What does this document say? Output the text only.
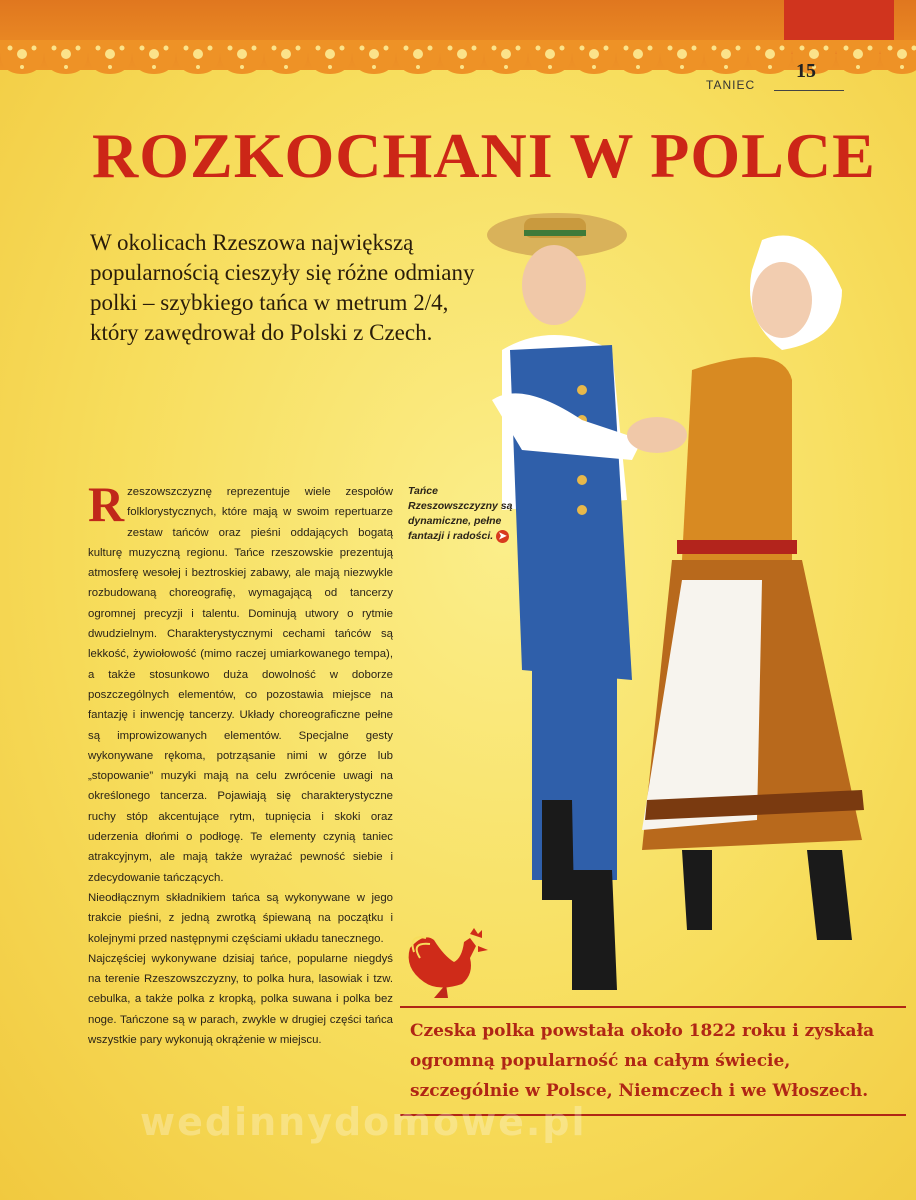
TANIEC
15
ROZKOCHANI W POLCE

W okolicach Rzeszowa największą popularnością cieszyły się różne odmiany polki – szybkiego tańca w metrum 2/4, który zawędrował do Polski z Czech.

Tańce Rzeszowszczyzny są dynamiczne, pełne fantazji i radości. ➤

Rzeszowszczyznę reprezentuje wiele zespołów folklorystycznych, które mają w swoim repertuarze zestaw tańców oraz pieśni oddających bogatą kulturę muzyczną regionu. Tańce rzeszowskie prezentują atmosferę wesołej i beztroskiej zabawy, ale mają niezwykle rozbudowaną choreografię, wymagającą od tancerzy ogromnej precyzji i talentu. Dominują utwory o rytmie dwudzielnym. Charakterystycznymi cechami tańców są lekkość, żywiołowość (mimo raczej umiarkowanego tempa), a także stosunkowo duża dowolność w doborze poszczególnych elementów, co pozostawia miejsce na fantazję i inwencję tancerzy. Układy choreograficzne pełne są improwizowanych elementów. Specjalne gesty wykonywane rękoma, potrząsanie nimi w górze lub „stopowanie” muzyki mają na celu zwrócenie uwagi na określonego tancerza. Pojawiają się charakterystyczne ruchy stóp akcentujące rytm, tupnięcia i skoki oraz uderzenia dłońmi o podłogę. Te elementy czynią taniec atrakcyjnym, ale mają także wyrażać pewność siebie i zdecydowanie tańczących.

Nieodłącznym składnikiem tańca są wykonywane w jego trakcie pieśni, z jedną zwrotką śpiewaną na początku i kolejnymi przed następnymi częściami układu tanecznego.

Najczęściej wykonywane dzisiaj tańce, popularne niegdyś na terenie Rzeszowszczyzny, to polka hura, lasowiak i tzw. cebulka, a także polka z kropką, polka suwana i polka bez noge. Tańczone są w parach, zwykle w drugiej części tańca wszystkie pary wykonują okrążenie w miejscu.	Czeska polka powstała około 1822 roku i zyskała ogromną popularność na całym świecie, szczególnie w Polsce, Niemczech i we Włoszech.

wedinnydomowe.pl
